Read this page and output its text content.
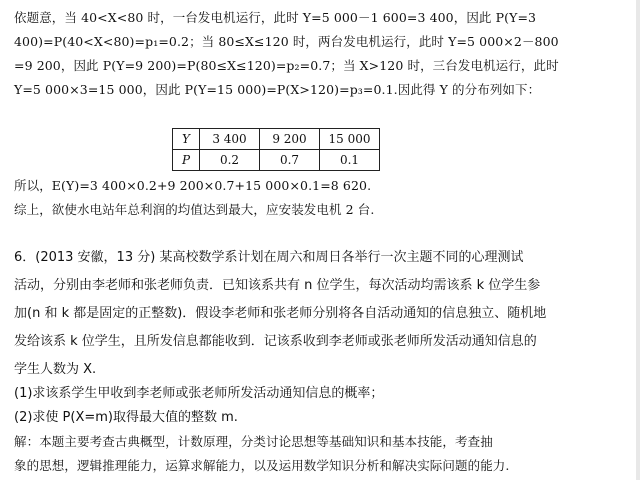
依题意，当 40<X<80 时，一台发电机运行，此时 Y=5 000－1 600=3 400，因此 P(Y=3
400)=P(40<X<80)=p₁=0.2；当 80≤X≤120 时，两台发电机运行，此时 Y=5 000×2－800
=9 200，因此 P(Y=9 200)=P(80≤X≤120)=p₂=0.7；当 X>120 时，三台发电机运行，此时
Y=5 000×3=15 000，因此 P(Y=15 000)=P(X>120)=p₃=0.1.因此得 Y 的分布列如下：
Y	3 400	9 200	15 000
P	0.2	0.7	0.1
所以，E(Y)=3 400×0.2+9 200×0.7+15 000×0.1=8 620.
综上，欲使水电站年总利润的均值达到最大，应安装发电机 2 台.
6．(2013 安徽，13 分) 某高校数学系计划在周六和周日各举行一次主题不同的心理测试
活动，分别由李老师和张老师负责．已知该系共有 n 位学生，每次活动均需该系 k 位学生参
加(n 和 k 都是固定的正整数)．假设李老师和张老师分别将各自活动通知的信息独立、随机地
发给该系 k 位学生，且所发信息都能收到．记该系收到李老师或张老师所发活动通知信息的
学生人数为 X.
(1)求该系学生甲收到李老师或张老师所发活动通知信息的概率；
(2)求使 P(X=m)取得最大值的整数 m.
解：本题主要考查古典概型，计数原理，分类讨论思想等基础知识和基本技能，考查抽
象的思想，逻辑推理能力，运算求解能力，以及运用数学知识分析和解决实际问题的能力.
